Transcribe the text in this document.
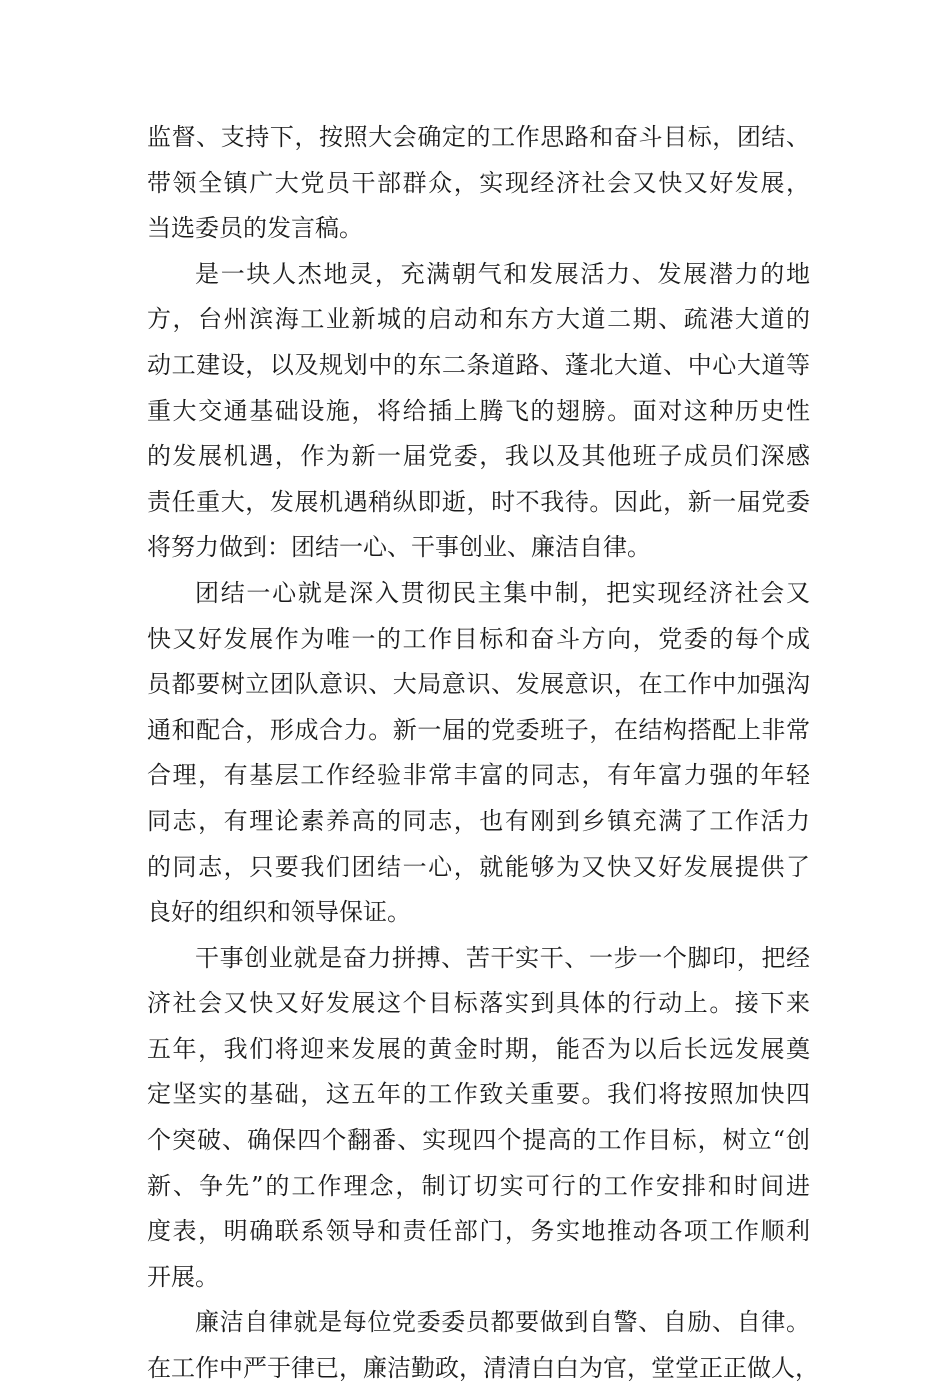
监督、支持下，按照大会确定的工作思路和奋斗目标，团结、
带领全镇广大党员干部群众，实现经济社会又快又好发展，
当选委员的发言稿。
是一块人杰地灵，充满朝气和发展活力、发展潜力的地
方，台州滨海工业新城的启动和东方大道二期、疏港大道的
动工建设，以及规划中的东二条道路、蓬北大道、中心大道等
重大交通基础设施，将给插上腾飞的翅膀。面对这种历史性
的发展机遇，作为新一届党委，我以及其他班子成员们深感
责任重大，发展机遇稍纵即逝，时不我待。因此，新一届党委
将努力做到：团结一心、干事创业、廉洁自律。
团结一心就是深入贯彻民主集中制，把实现经济社会又
快又好发展作为唯一的工作目标和奋斗方向，党委的每个成
员都要树立团队意识、大局意识、发展意识，在工作中加强沟
通和配合，形成合力。新一届的党委班子，在结构搭配上非常
合理，有基层工作经验非常丰富的同志，有年富力强的年轻
同志，有理论素养高的同志，也有刚到乡镇充满了工作活力
的同志，只要我们团结一心，就能够为又快又好发展提供了
良好的组织和领导保证。
干事创业就是奋力拼搏、苦干实干、一步一个脚印，把经
济社会又快又好发展这个目标落实到具体的行动上。接下来
五年，我们将迎来发展的黄金时期，能否为以后长远发展奠
定坚实的基础，这五年的工作致关重要。我们将按照加快四
个突破、确保四个翻番、实现四个提高的工作目标，树立“创
新、争先”的工作理念，制订切实可行的工作安排和时间进
度表，明确联系领导和责任部门，务实地推动各项工作顺利
开展。
廉洁自律就是每位党委委员都要做到自警、自励、自律。
在工作中严于律已，廉洁勤政，清清白白为官，堂堂正正做人，
